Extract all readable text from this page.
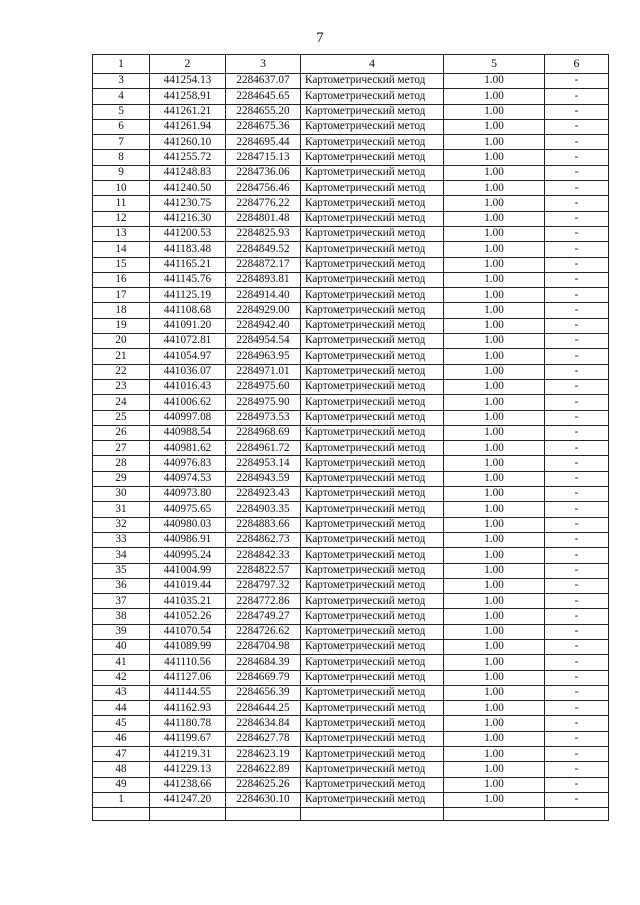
7
1	2	3	4	5	6
3	441254.13	2284637.07	Картометрический метод	1.00	-
4	441258.91	2284645.65	Картометрический метод	1.00	-
5	441261.21	2284655.20	Картометрический метод	1.00	-
6	441261.94	2284675.36	Картометрический метод	1.00	-
7	441260.10	2284695.44	Картометрический метод	1.00	-
8	441255.72	2284715.13	Картометрический метод	1.00	-
9	441248.83	2284736.06	Картометрический метод	1.00	-
10	441240.50	2284756.46	Картометрический метод	1.00	-
11	441230.75	2284776.22	Картометрический метод	1.00	-
12	441216.30	2284801.48	Картометрический метод	1.00	-
13	441200.53	2284825.93	Картометрический метод	1.00	-
14	441183.48	2284849.52	Картометрический метод	1.00	-
15	441165.21	2284872.17	Картометрический метод	1.00	-
16	441145.76	2284893.81	Картометрический метод	1.00	-
17	441125.19	2284914.40	Картометрический метод	1.00	-
18	441108.68	2284929.00	Картометрический метод	1.00	-
19	441091.20	2284942.40	Картометрический метод	1.00	-
20	441072.81	2284954.54	Картометрический метод	1.00	-
21	441054.97	2284963.95	Картометрический метод	1.00	-
22	441036.07	2284971.01	Картометрический метод	1.00	-
23	441016.43	2284975.60	Картометрический метод	1.00	-
24	441006.62	2284975.90	Картометрический метод	1.00	-
25	440997.08	2284973.53	Картометрический метод	1.00	-
26	440988.54	2284968.69	Картометрический метод	1.00	-
27	440981.62	2284961.72	Картометрический метод	1.00	-
28	440976.83	2284953.14	Картометрический метод	1.00	-
29	440974.53	2284943.59	Картометрический метод	1.00	-
30	440973.80	2284923.43	Картометрический метод	1.00	-
31	440975.65	2284903.35	Картометрический метод	1.00	-
32	440980.03	2284883.66	Картометрический метод	1.00	-
33	440986.91	2284862.73	Картометрический метод	1.00	-
34	440995.24	2284842.33	Картометрический метод	1.00	-
35	441004.99	2284822.57	Картометрический метод	1.00	-
36	441019.44	2284797.32	Картометрический метод	1.00	-
37	441035.21	2284772.86	Картометрический метод	1.00	-
38	441052.26	2284749.27	Картометрический метод	1.00	-
39	441070.54	2284726.62	Картометрический метод	1.00	-
40	441089.99	2284704.98	Картометрический метод	1.00	-
41	441110.56	2284684.39	Картометрический метод	1.00	-
42	441127.06	2284669.79	Картометрический метод	1.00	-
43	441144.55	2284656.39	Картометрический метод	1.00	-
44	441162.93	2284644.25	Картометрический метод	1.00	-
45	441180.78	2284634.84	Картометрический метод	1.00	-
46	441199.67	2284627.78	Картометрический метод	1.00	-
47	441219.31	2284623.19	Картометрический метод	1.00	-
48	441229.13	2284622.89	Картометрический метод	1.00	-
49	441238.66	2284625.26	Картометрический метод	1.00	-
1	441247.20	2284630.10	Картометрический метод	1.00	-
